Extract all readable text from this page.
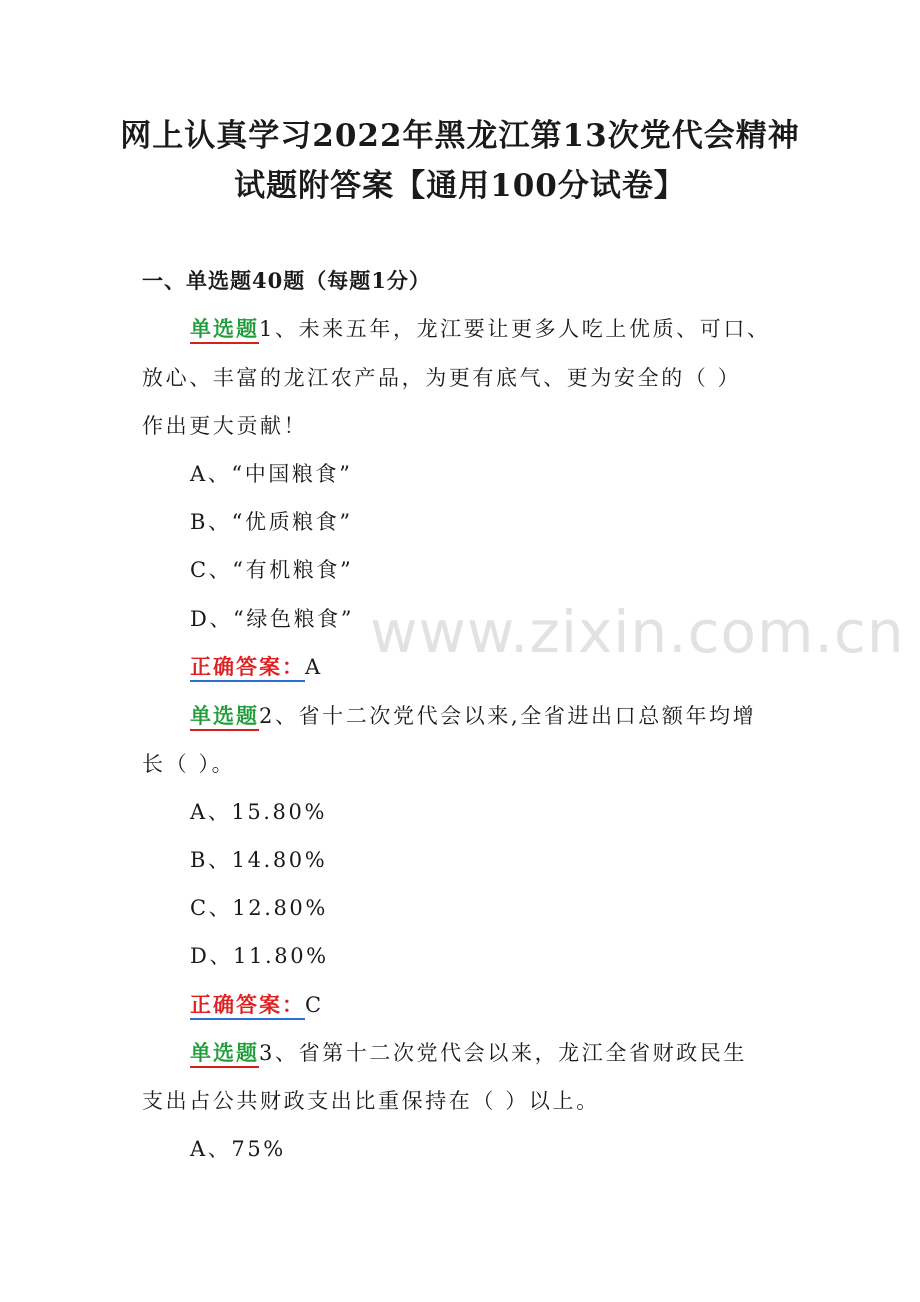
网上认真学习2022年黑龙江第13次党代会精神
试题附答案【通用100分试卷】
一、单选题40题（每题1分）
单选题1、未来五年，龙江要让更多人吃上优质、可口、
放心、丰富的龙江农产品，为更有底气、更为安全的（ ）
作出更大贡献！
A、“中国粮食”
B、“优质粮食”
C、“有机粮食”
D、“绿色粮食”
正确答案：A
单选题2、省十二次党代会以来,全省进出口总额年均增
长（ ）。
A、15.80%
B、14.80%
C、12.80%
D、11.80%
正确答案：C
单选题3、省第十二次党代会以来，龙江全省财政民生
支出占公共财政支出比重保持在（ ）以上。
A、75%
www.zixin.com.cn
